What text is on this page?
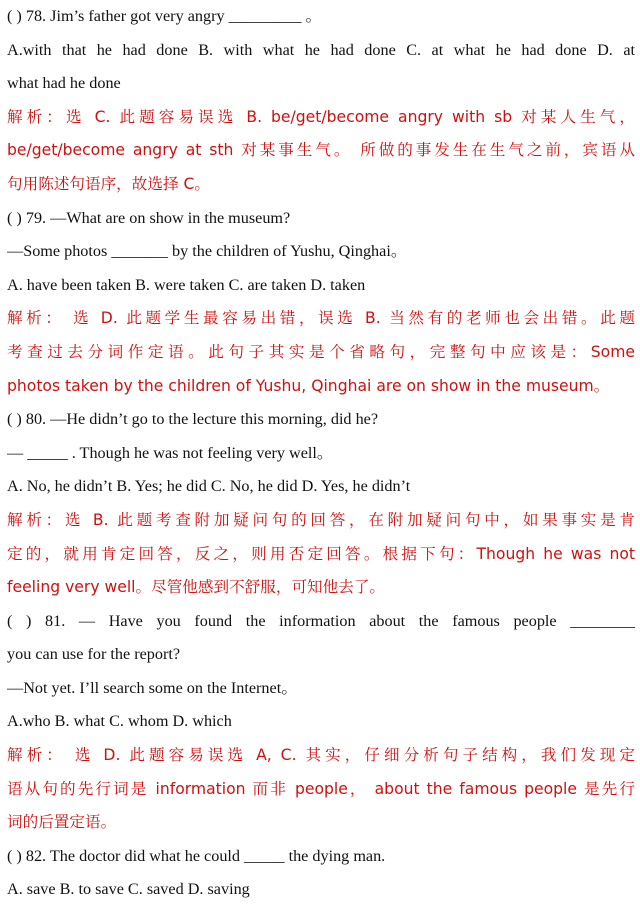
( ) 78. Jim’s father got very angry _________ 。
A.with that he had done B. with what he had done C. at what he had done D. at
what had he done
解析：选 C. 此题容易误选 B. be/get/become angry with sb 对某人生气，
be/get/become angry at sth 对某事生气。 所做的事发生在生气之前，宾语从
句用陈述句语序，故选择 C。
( ) 79. —What are on show in the museum?
—Some photos _______ by the children of Yushu, Qinghai。
A. have been taken B. were taken C. are taken D. taken
解析： 选 D. 此题学生最容易出错，误选 B. 当然有的老师也会出错。此题
考查过去分词作定语。此句子其实是个省略句，完整句中应该是：Some
photos taken by the children of Yushu, Qinghai are on show in the museum。
( ) 80. —He didn’t go to the lecture this morning, did he?
— _____ . Though he was not feeling very well。
A. No, he didn’t B. Yes; he did C. No, he did D. Yes, he didn’t
解析：选 B. 此题考查附加疑问句的回答，在附加疑问句中，如果事实是肯
定的，就用肯定回答，反之，则用否定回答。根据下句：Though he was not
feeling very well。尽管他感到不舒服，可知他去了。
( ) 81. — Have you found the information about the famous people ________
you can use for the report?
—Not yet. I’ll search some on the Internet。
A.who B. what C. whom D. which
解析： 选 D. 此题容易误选 A, C. 其实，仔细分析句子结构，我们发现定
语从句的先行词是 information 而非 people， about the famous people 是先行
词的后置定语。
( ) 82. The doctor did what he could _____ the dying man.
A. save B. to save C. saved D. saving
